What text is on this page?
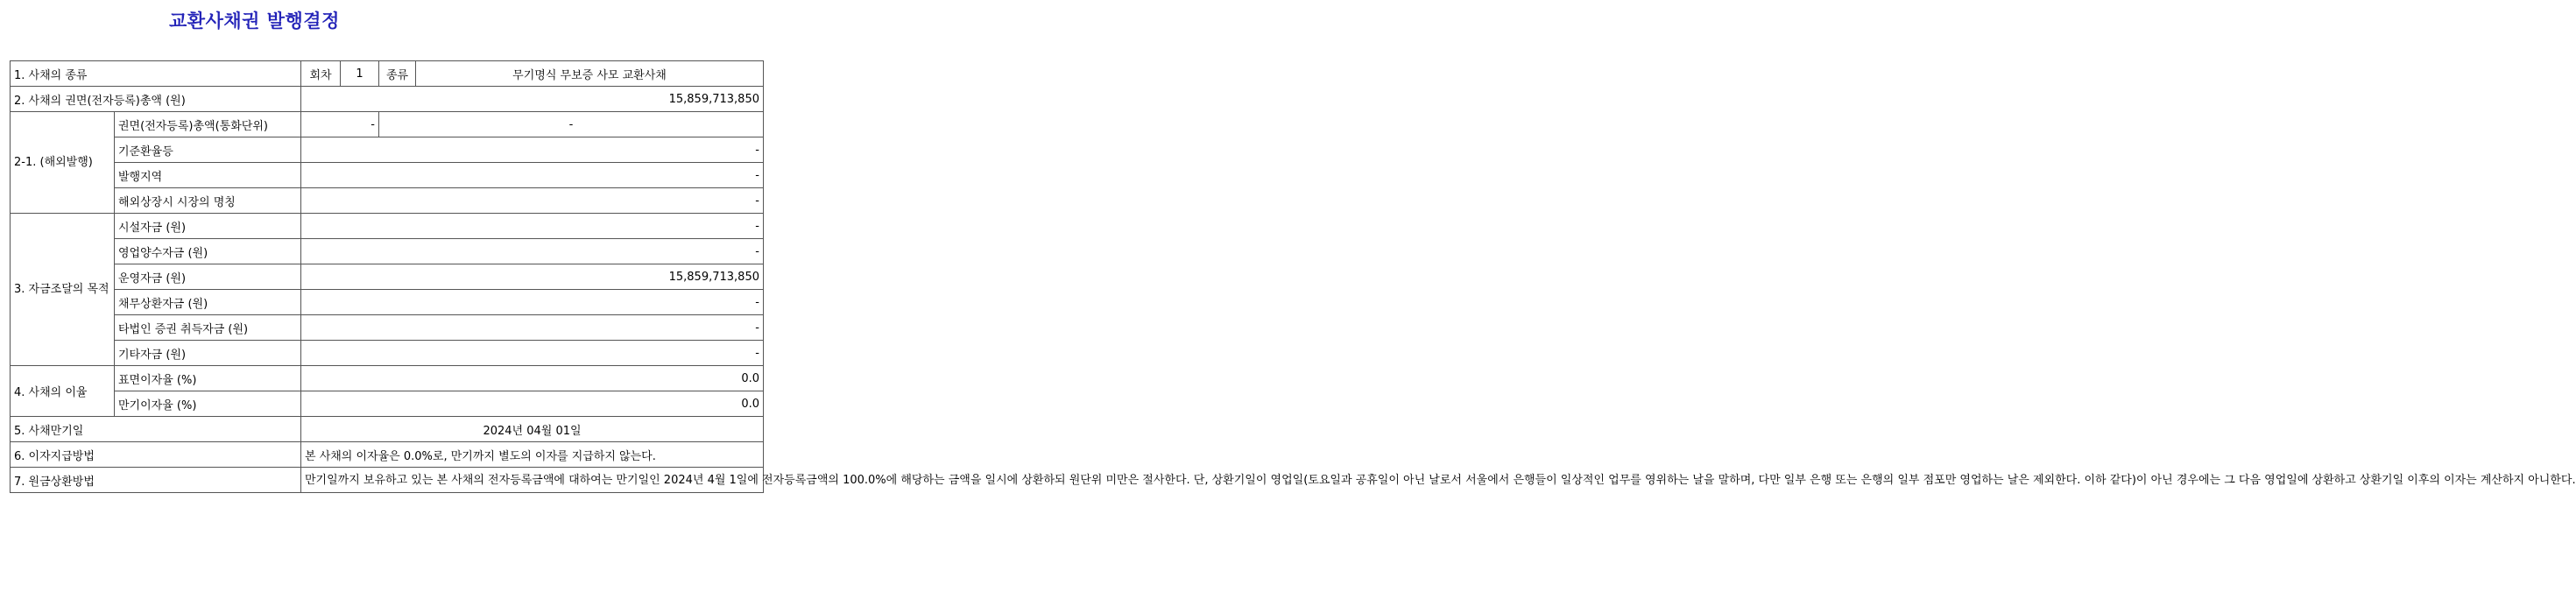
교환사채권 발행결정
1. 사채의 종류		회차	1	종류	무기명식 무보증 사모 교환사채
2. 사채의 권면(전자등록)총액 (원)		15,859,713,850			
2-1. (해외발행)	권면(전자등록)총액(통화단위)	-		-	
	기준환율등	-			
	발행지역	-			
	해외상장시 시장의 명칭	-			
3. 자금조달의 목적	시설자금 (원)	-			
	영업양수자금 (원)	-			
	운영자금 (원)	15,859,713,850			
	채무상환자금 (원)	-			
	타법인 증권 취득자금 (원)	-			
	기타자금 (원)	-			
4. 사채의 이율	표면이자율 (%)	0.0			
	만기이자율 (%)	0.0			
5. 사채만기일		2024년 04월 01일			
6. 이자지급방법		본 사채의 이자율은 0.0%로, 만기까지 별도의 이자를 지급하지 않는다.			
7. 원금상환방법		만기일까지 보유하고 있는 본 사채의 전자등록금액에 대하여는 만기일인 2024년 4월 1일에 전자등록금액의 100.0%에 해당하는 금액을 일시에 상환하되 원단위 미만은 절사한다. 단, 상환기일이 영업일(토요일과 공휴일이 아닌 날로서 서울에서 은행들이 일상적인 업무를 영위하는 날을 말하며, 다만 일부 은행 또는 은행의 일부 점포만 영업하는 날은 제외한다. 이하 같다)이 아닌 경우에는 그 다음 영업일에 상환하고 상환기일 이후의 이자는 계산하지 아니한다.			
